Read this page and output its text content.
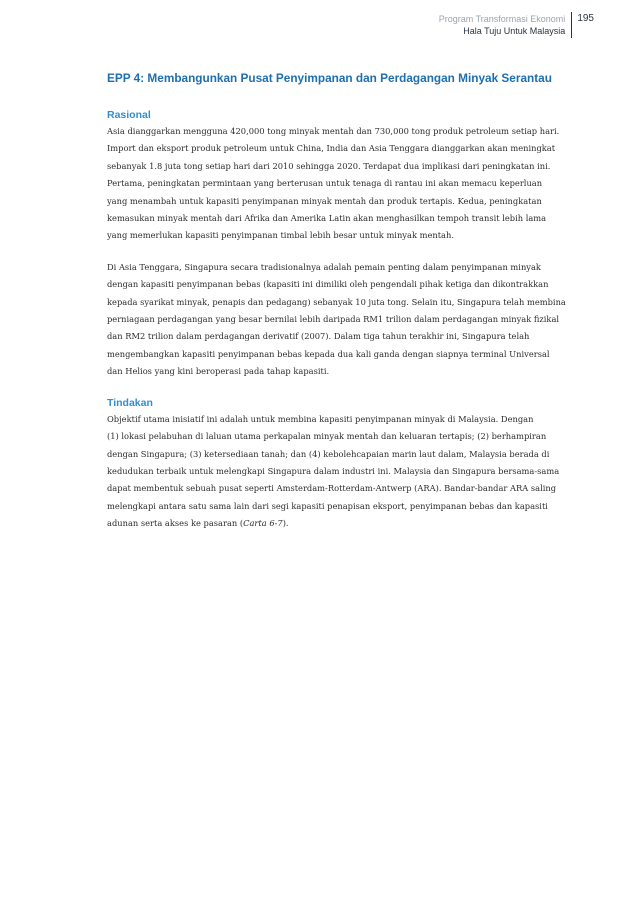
Program Transformasi Ekonomi
Hala Tuju Untuk Malaysia
195
EPP 4: Membangunkan Pusat Penyimpanan dan Perdagangan Minyak Serantau
Rasional

Asia dianggarkan mengguna 420,000 tong minyak mentah dan 730,000 tong produk petroleum setiap hari.
Import dan eksport produk petroleum untuk China, India dan Asia Tenggara dianggarkan akan meningkat
sebanyak 1.8 juta tong setiap hari dari 2010 sehingga 2020. Terdapat dua implikasi dari peningkatan ini.
Pertama, peningkatan permintaan yang berterusan untuk tenaga di rantau ini akan memacu keperluan
yang menambah untuk kapasiti penyimpanan minyak mentah dan produk tertapis. Kedua, peningkatan
kemasukan minyak mentah dari Afrika dan Amerika Latin akan menghasilkan tempoh transit lebih lama
yang memerlukan kapasiti penyimpanan timbal lebih besar untuk minyak mentah.

Di Asia Tenggara, Singapura secara tradisionalnya adalah pemain penting dalam penyimpanan minyak
dengan kapasiti penyimpanan bebas (kapasiti ini dimiliki oleh pengendali pihak ketiga dan dikontrakkan
kepada syarikat minyak, penapis dan pedagang) sebanyak 10 juta tong. Selain itu, Singapura telah membina
perniagaan perdagangan yang besar bernilai lebih daripada RM1 trilion dalam perdagangan minyak fizikal
dan RM2 trilion dalam perdagangan derivatif (2007). Dalam tiga tahun terakhir ini, Singapura telah
mengembangkan kapasiti penyimpanan bebas kepada dua kali ganda dengan siapnya terminal Universal
dan Helios yang kini beroperasi pada tahap kapasiti.

Tindakan

Objektif utama inisiatif ini adalah untuk membina kapasiti penyimpanan minyak di Malaysia. Dengan
(1) lokasi pelabuhan di laluan utama perkapalan minyak mentah dan keluaran tertapis; (2) berhampiran
dengan Singapura; (3) ketersediaan tanah; dan (4) kebolehcapaian marin laut dalam, Malaysia berada di
kedudukan terbaik untuk melengkapi Singapura dalam industri ini. Malaysia dan Singapura bersama-sama
dapat membentuk sebuah pusat seperti Amsterdam-Rotterdam-Antwerp (ARA). Bandar-bandar ARA saling
melengkapi antara satu sama lain dari segi kapasiti penapisan eksport, penyimpanan bebas dan kapasiti
adunan serta akses ke pasaran (Carta 6-7).
